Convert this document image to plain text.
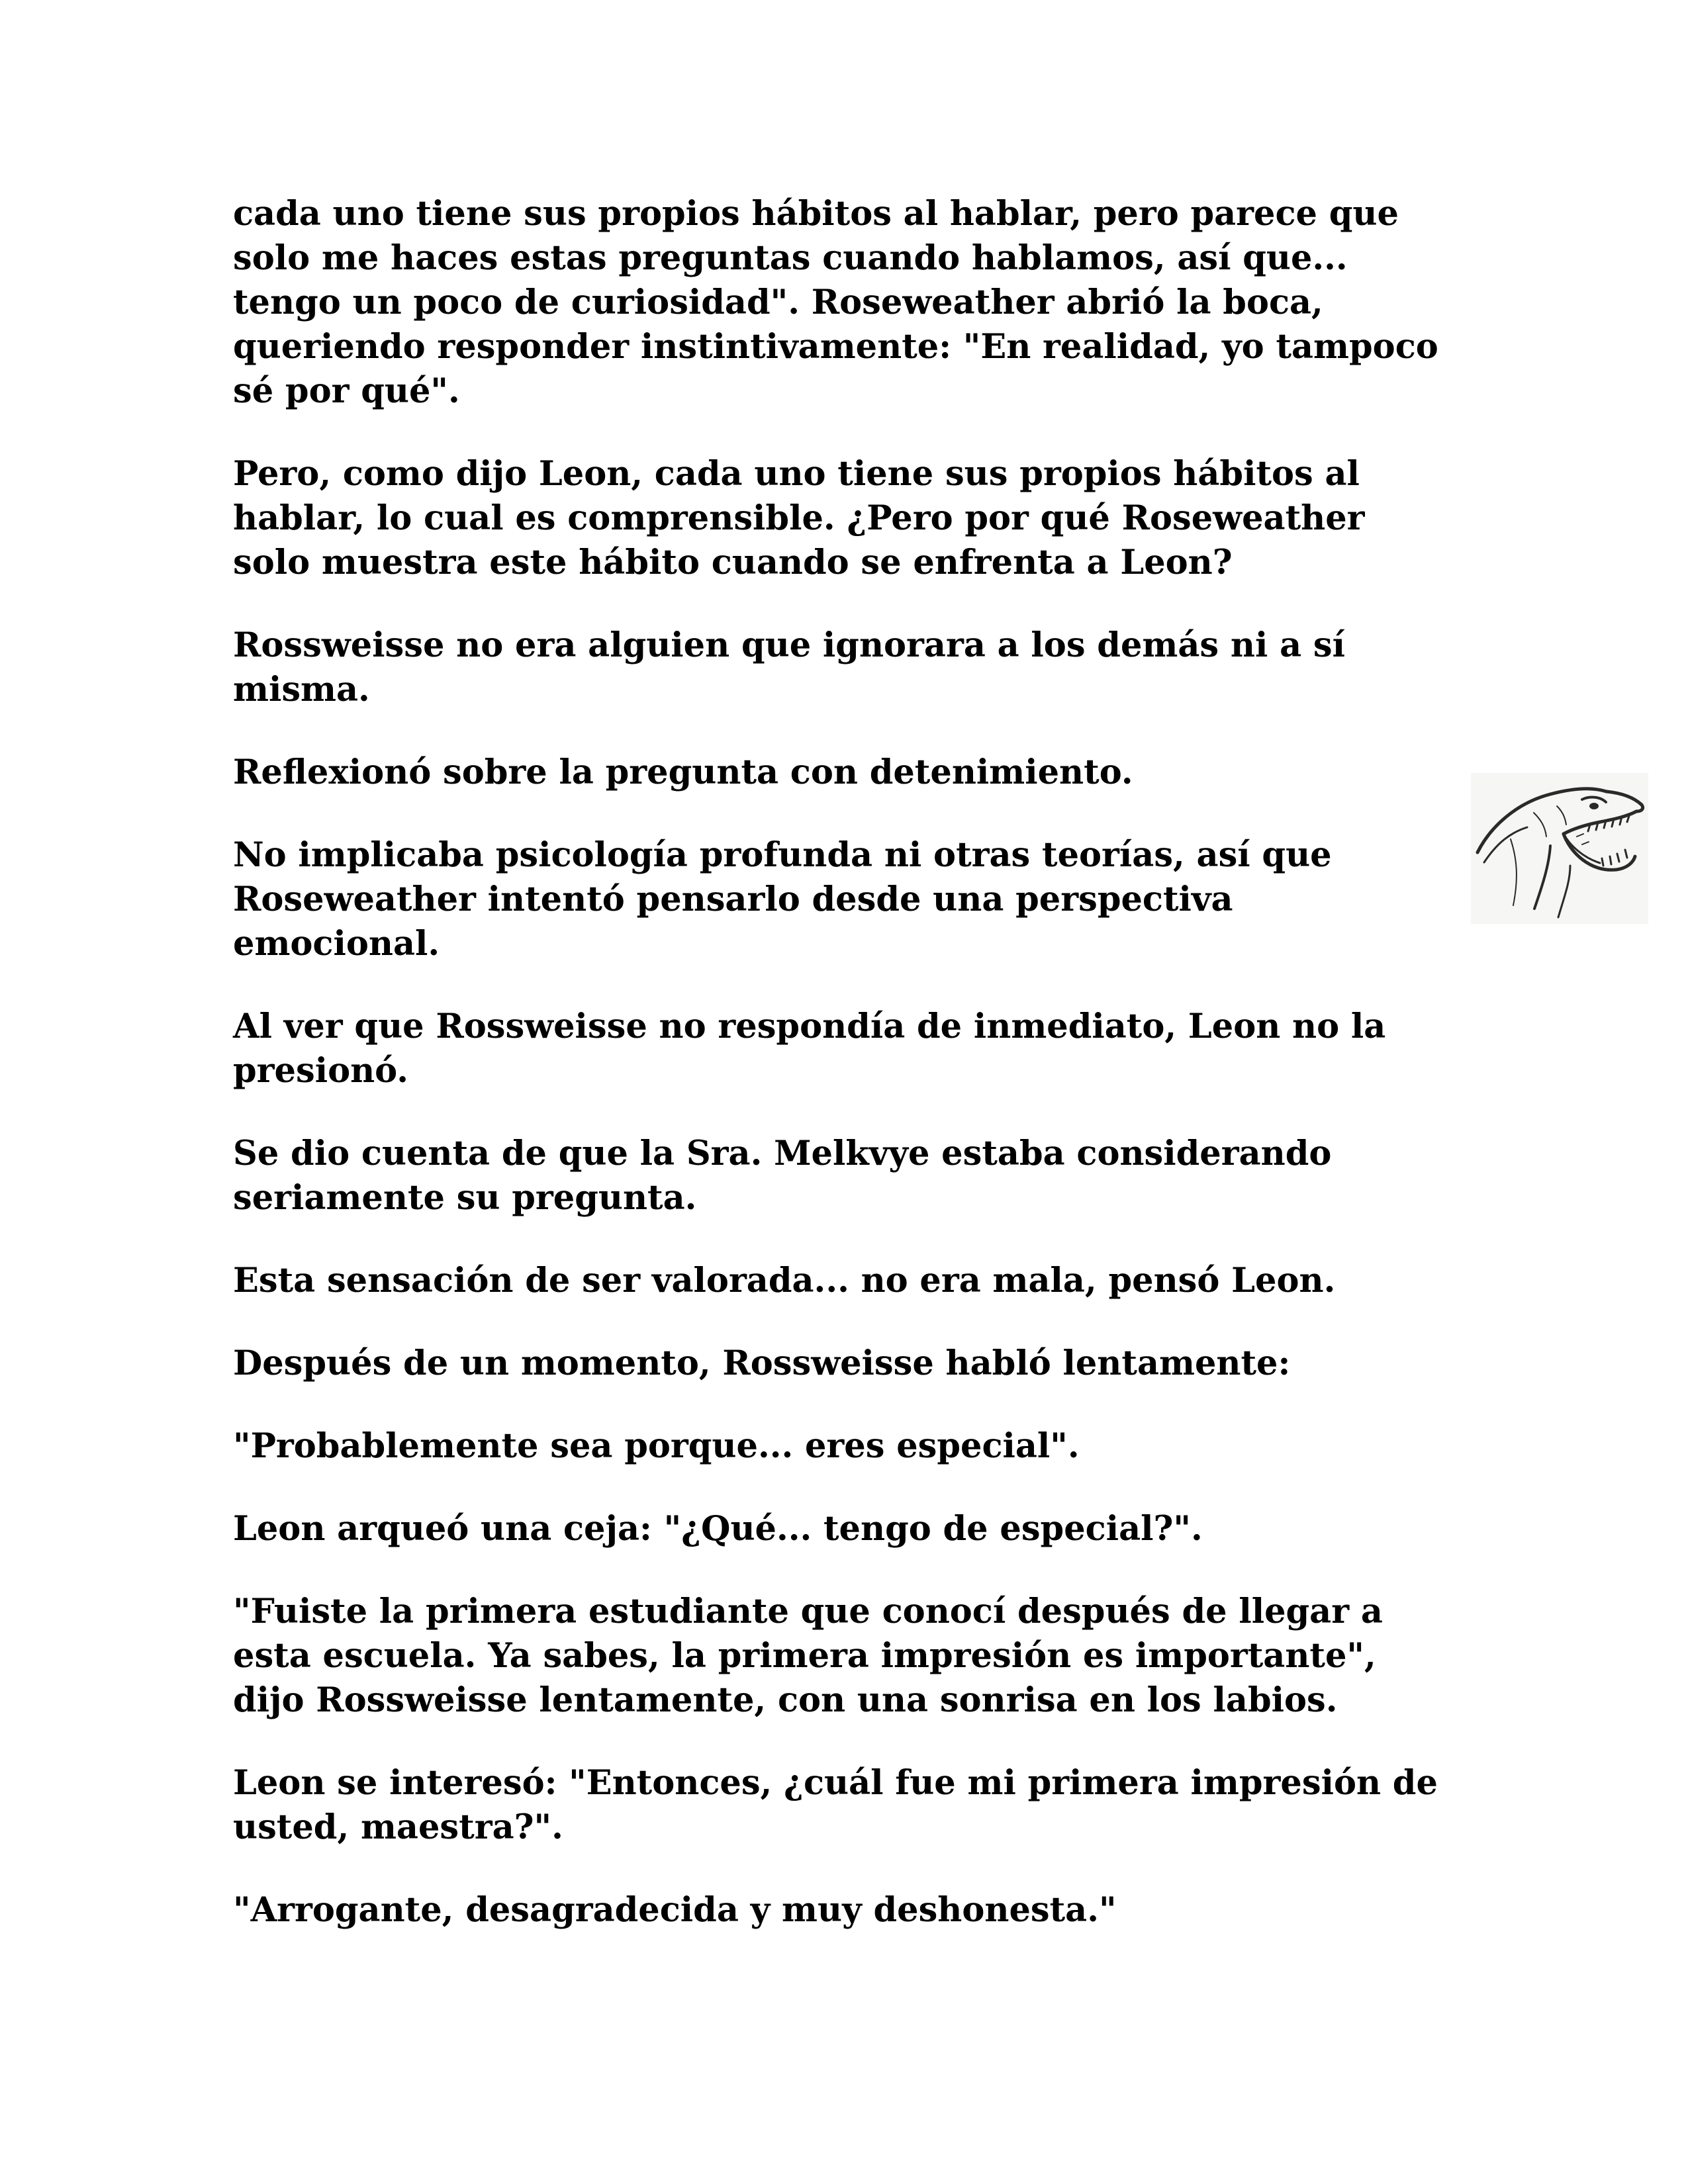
cada uno tiene sus propios hábitos al hablar, pero parece que solo me haces estas preguntas cuando hablamos, así que... tengo un poco de curiosidad". Roseweather abrió la boca, queriendo responder instintivamente: "En realidad, yo tampoco sé por qué".

Pero, como dijo Leon, cada uno tiene sus propios hábitos al hablar, lo cual es comprensible. ¿Pero por qué Roseweather solo muestra este hábito cuando se enfrenta a Leon?

Rossweisse no era alguien que ignorara a los demás ni a sí misma.

Reflexionó sobre la pregunta con detenimiento.

No implicaba psicología profunda ni otras teorías, así que Roseweather intentó pensarlo desde una perspectiva emocional.

Al ver que Rossweisse no respondía de inmediato, Leon no la presionó.

Se dio cuenta de que la Sra. Melkvye estaba considerando seriamente su pregunta.

Esta sensación de ser valorada... no era mala, pensó Leon.

Después de un momento, Rossweisse habló lentamente:

"Probablemente sea porque... eres especial".

Leon arqueó una ceja: "¿Qué... tengo de especial?".

"Fuiste la primera estudiante que conocí después de llegar a esta escuela. Ya sabes, la primera impresión es importante", dijo Rossweisse lentamente, con una sonrisa en los labios.

Leon se interesó: "Entonces, ¿cuál fue mi primera impresión de usted, maestra?".

"Arrogante, desagradecida y muy deshonesta."
